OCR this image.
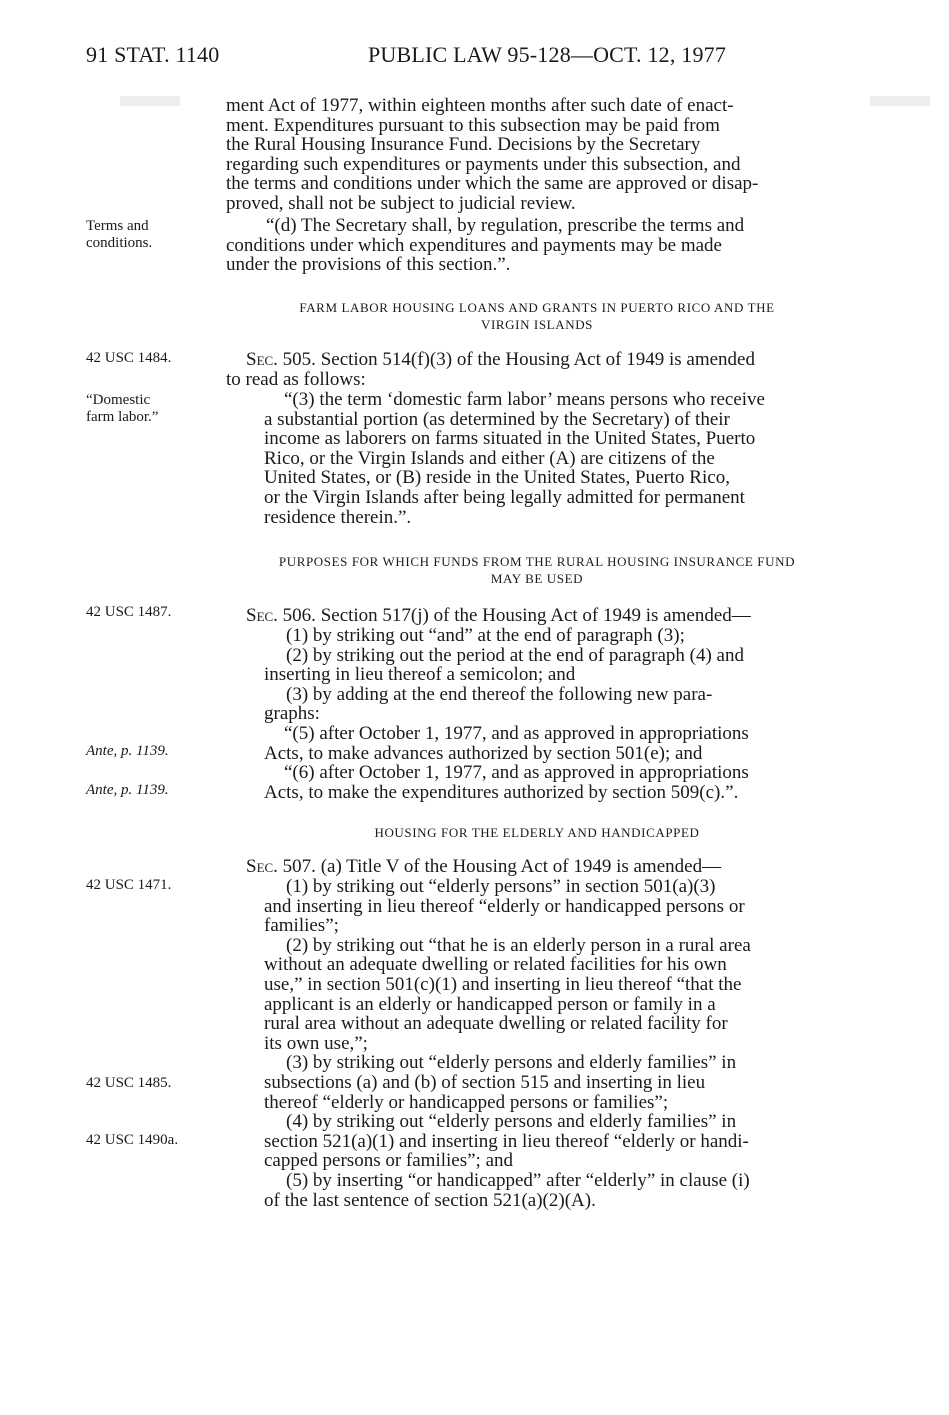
91 STAT. 1140	PUBLIC LAW 95-128—OCT. 12, 1977
ment Act of 1977, within eighteen months after such date of enact-
ment. Expenditures pursuant to this subsection may be paid from
the Rural Housing Insurance Fund. Decisions by the Secretary
regarding such expenditures or payments under this subsection, and
the terms and conditions under which the same are approved or disap-
proved, shall not be subject to judicial review.
“(d) The Secretary shall, by regulation, prescribe the terms and
conditions under which expenditures and payments may be made
under the provisions of this section.”.
Terms and
conditions.
FARM LABOR HOUSING LOANS AND GRANTS IN PUERTO RICO AND THE
VIRGIN ISLANDS
42 USC 1484.	Sec. 505. Section 514(f)(3) of the Housing Act of 1949 is amended
to read as follows:
“Domestic
farm labor.”
“(3) the term ‘domestic farm labor’ means persons who receive
a substantial portion (as determined by the Secretary) of their
income as laborers on farms situated in the United States, Puerto
Rico, or the Virgin Islands and either (A) are citizens of the
United States, or (B) reside in the United States, Puerto Rico,
or the Virgin Islands after being legally admitted for permanent
residence therein.”.
PURPOSES FOR WHICH FUNDS FROM THE RURAL HOUSING INSURANCE FUND
MAY BE USED
42 USC 1487.	Sec. 506. Section 517(j) of the Housing Act of 1949 is amended—
(1) by striking out “and” at the end of paragraph (3);
(2) by striking out the period at the end of paragraph (4) and
inserting in lieu thereof a semicolon; and
(3) by adding at the end thereof the following new para-
graphs:
“(5) after October 1, 1977, and as approved in appropriations
Acts, to make advances authorized by section 501(e); and
“(6) after October 1, 1977, and as approved in appropriations
Acts, to make the expenditures authorized by section 509(c).”.
Ante, p. 1139.
Ante, p. 1139.
HOUSING FOR THE ELDERLY AND HANDICAPPED
Sec. 507. (a) Title V of the Housing Act of 1949 is amended—
42 USC 1471.	(1) by striking out “elderly persons” in section 501(a)(3)
and inserting in lieu thereof “elderly or handicapped persons or
families”;
(2) by striking out “that he is an elderly person in a rural area
without an adequate dwelling or related facilities for his own
use,” in section 501(c)(1) and inserting in lieu thereof “that the
applicant is an elderly or handicapped person or family in a
rural area without an adequate dwelling or related facility for
its own use,”;
(3) by striking out “elderly persons and elderly families” in
subsections (a) and (b) of section 515 and inserting in lieu
thereof “elderly or handicapped persons or families”;
(4) by striking out “elderly persons and elderly families” in
section 521(a)(1) and inserting in lieu thereof “elderly or handi-
capped persons or families”; and
(5) by inserting “or handicapped” after “elderly” in clause (i)
of the last sentence of section 521(a)(2)(A).
42 USC 1485.
42 USC 1490a.
